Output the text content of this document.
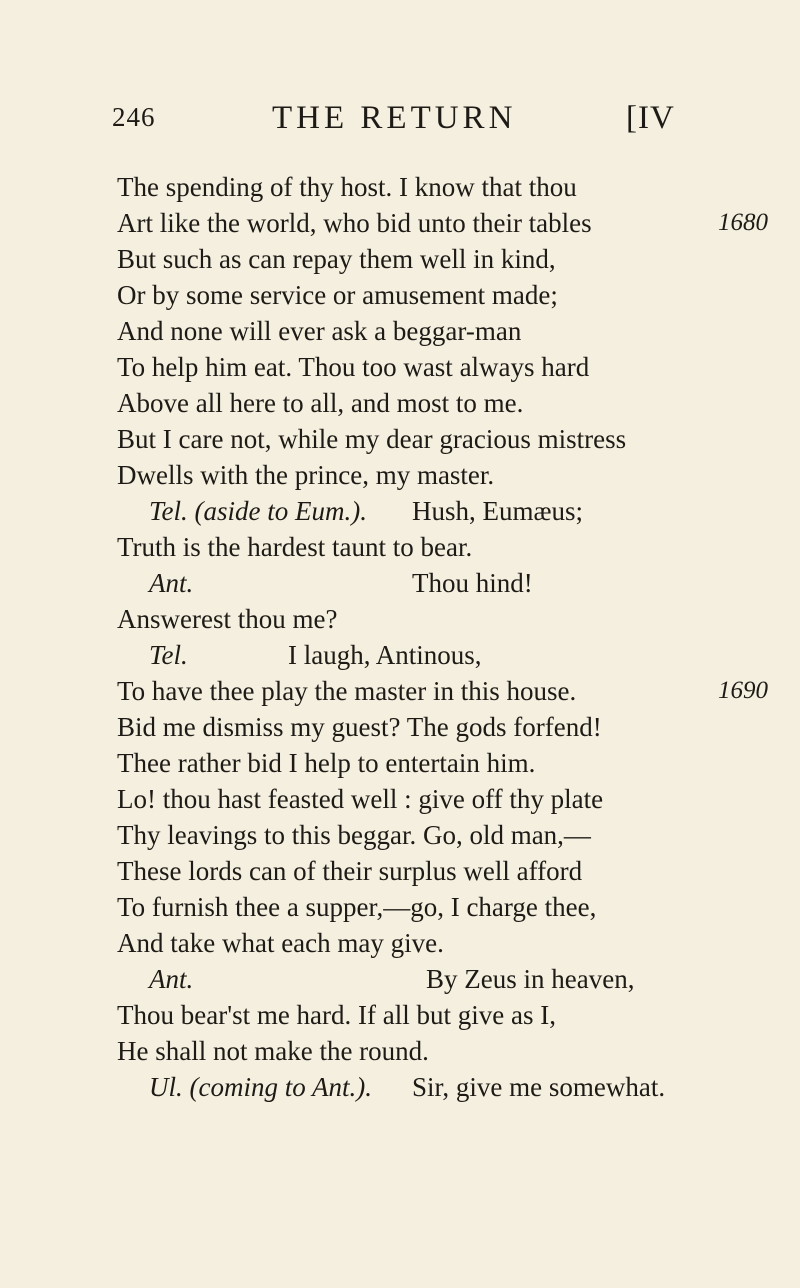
246	THE RETURN	[IV
The spending of thy host. I know that thou
Art like the world, who bid unto their tables	1680
But such as can repay them well in kind,
Or by some service or amusement made;
And none will ever ask a beggar-man
To help him eat. Thou too wast always hard
Above all here to all, and most to me.
But I care not, while my dear gracious mistress
Dwells with the prince, my master.
Tel. (aside to Eum.). Hush, Eumæus;
Truth is the hardest taunt to bear.
Ant.	Thou hind!
Answerest thou me?
Tel.	I laugh, Antinous,
To have thee play the master in this house.	1690
Bid me dismiss my guest? The gods forfend!
Thee rather bid I help to entertain him.
Lo! thou hast feasted well : give off thy plate
Thy leavings to this beggar. Go, old man,—
These lords can of their surplus well afford
To furnish thee a supper,—go, I charge thee,
And take what each may give.
Ant.	By Zeus in heaven,
Thou bear'st me hard. If all but give as I,
He shall not make the round.
Ul. (coming to Ant.). Sir, give me somewhat.
